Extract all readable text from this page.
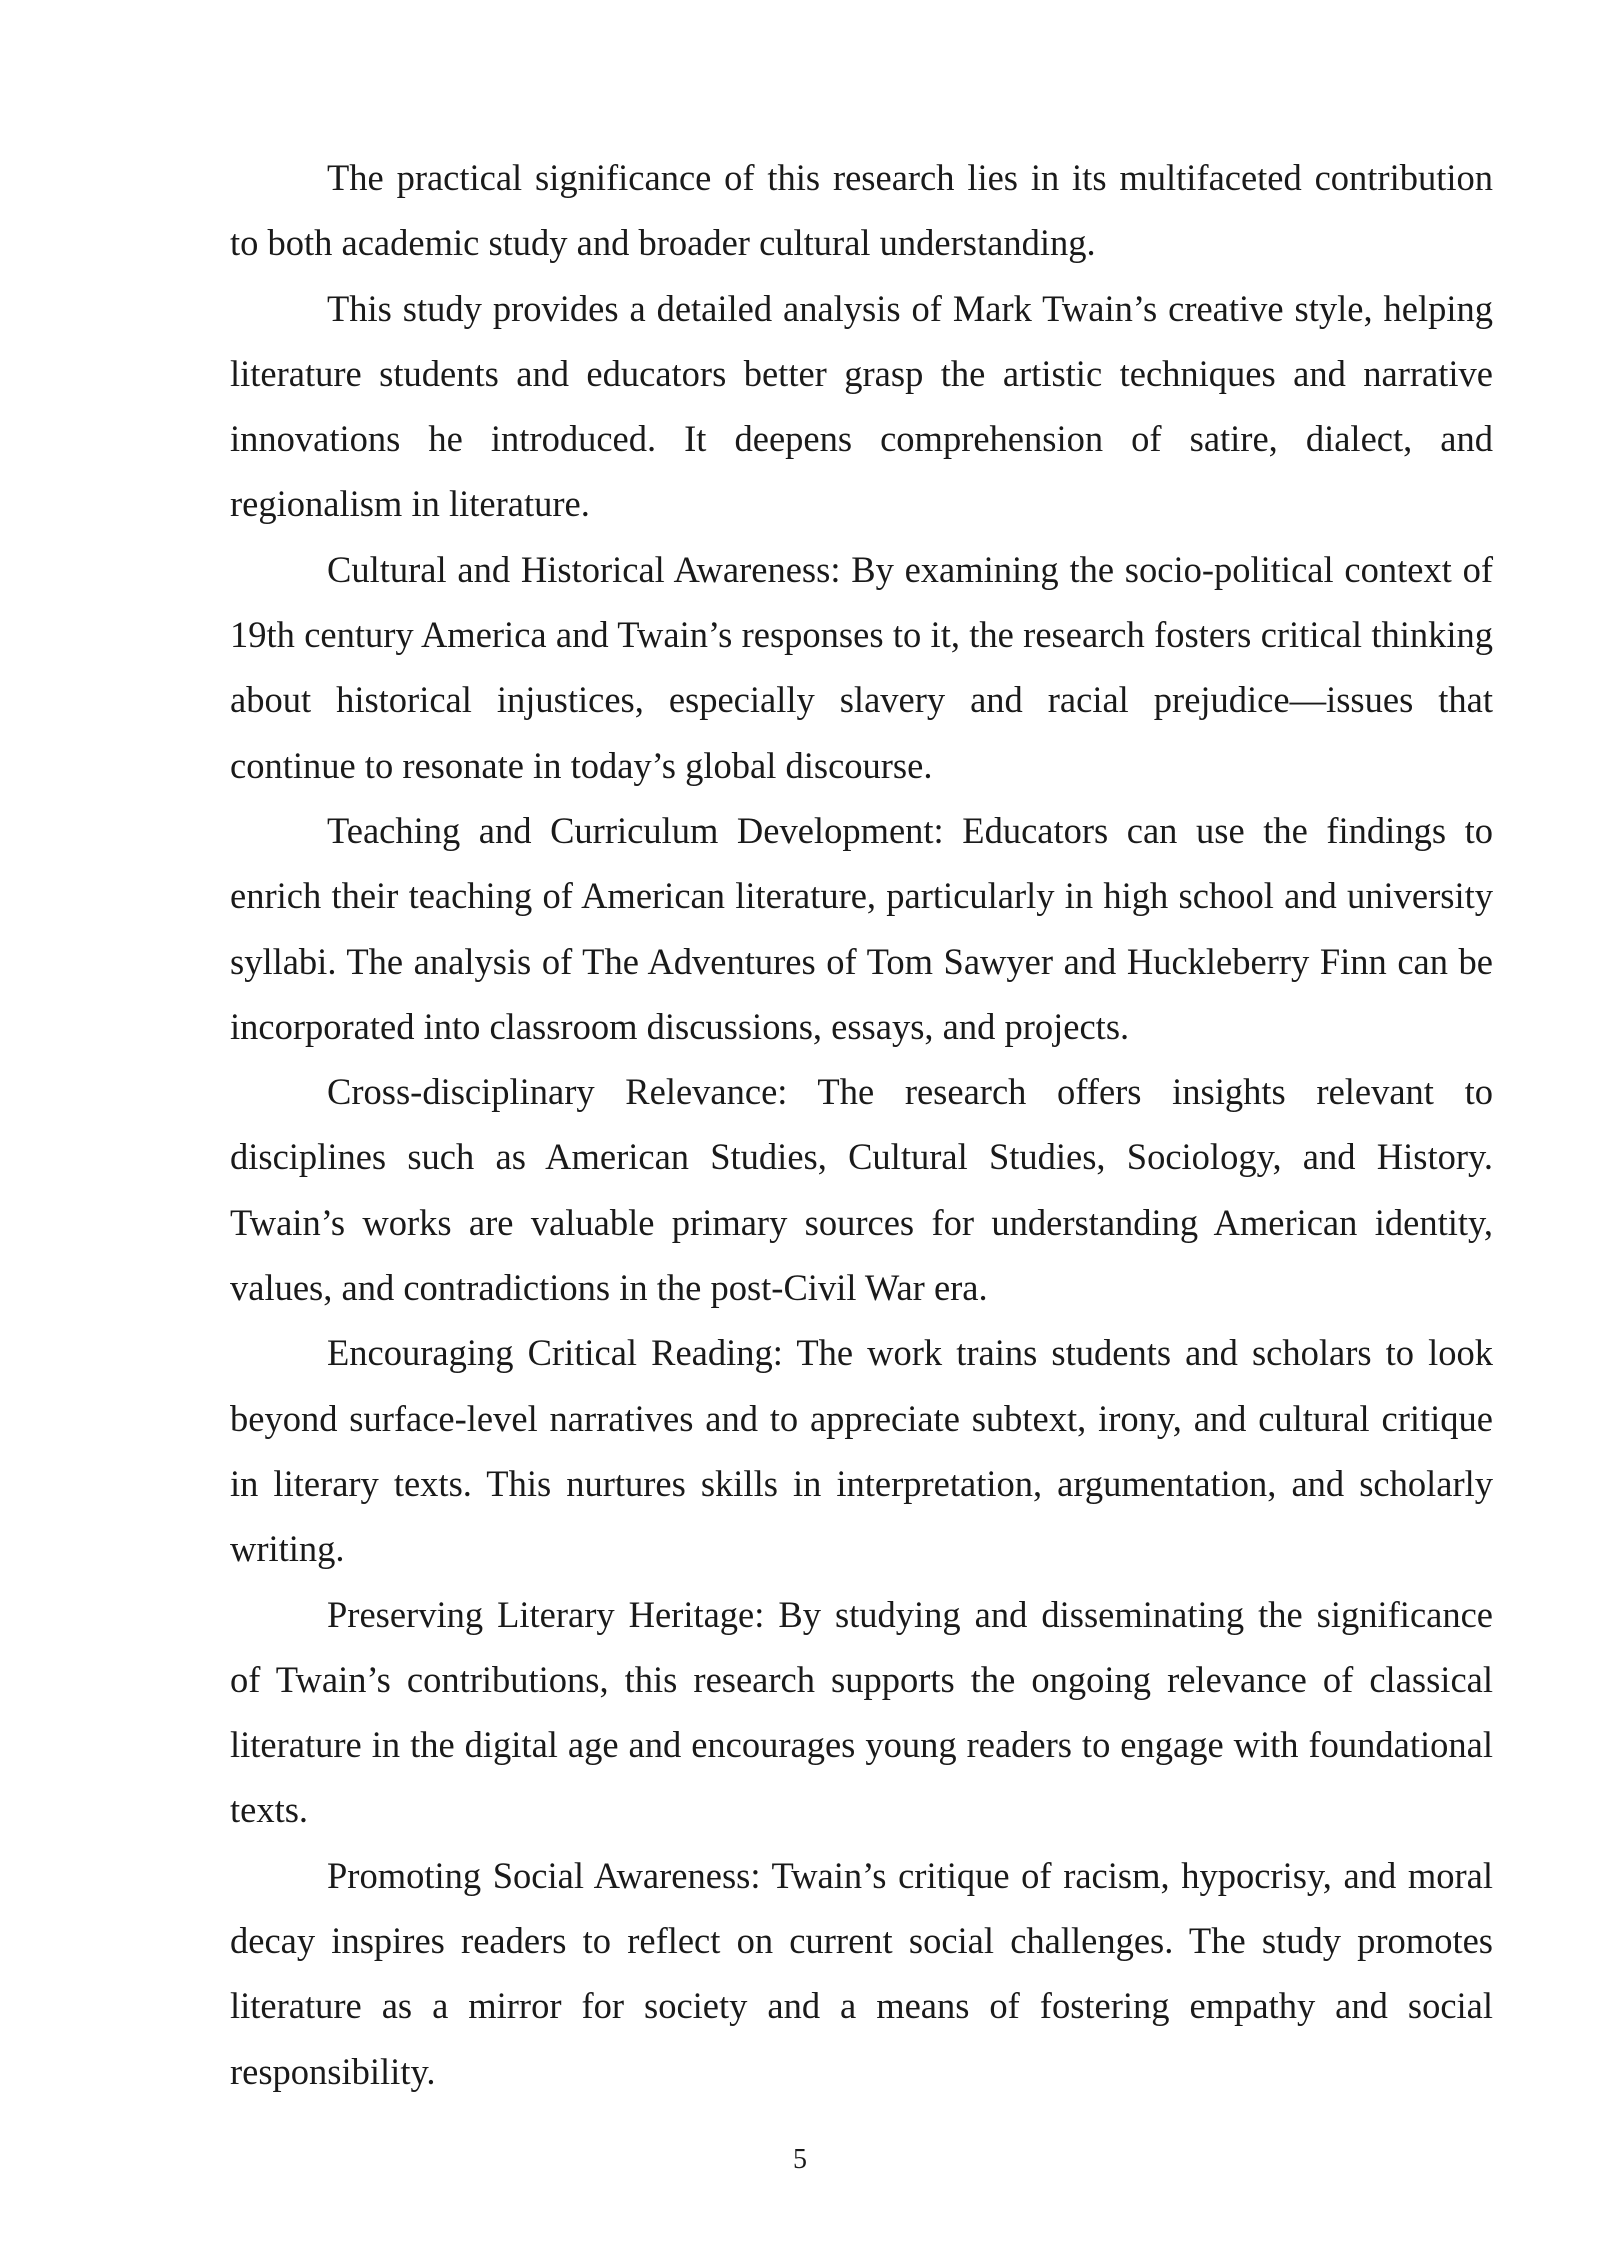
The practical significance of this research lies in its multifaceted contribution to both academic study and broader cultural understanding.

This study provides a detailed analysis of Mark Twain’s creative style, helping literature students and educators better grasp the artistic techniques and narrative innovations he introduced. It deepens comprehension of satire, dialect, and regionalism in literature.

Cultural and Historical Awareness: By examining the socio-political context of 19th century America and Twain’s responses to it, the research fosters critical thinking about historical injustices, especially slavery and racial prejudice—issues that continue to resonate in today’s global discourse.

Teaching and Curriculum Development: Educators can use the findings to enrich their teaching of American literature, particularly in high school and university syllabi. The analysis of The Adventures of Tom Sawyer and Huckleberry Finn can be incorporated into classroom discussions, essays, and projects.

Cross-disciplinary Relevance: The research offers insights relevant to disciplines such as American Studies, Cultural Studies, Sociology, and History. Twain’s works are valuable primary sources for understanding American identity, values, and contradictions in the post-Civil War era.

Encouraging Critical Reading: The work trains students and scholars to look beyond surface-level narratives and to appreciate subtext, irony, and cultural critique in literary texts. This nurtures skills in interpretation, argumentation, and scholarly writing.

Preserving Literary Heritage: By studying and disseminating the significance of Twain’s contributions, this research supports the ongoing relevance of classical literature in the digital age and encourages young readers to engage with foundational texts.

Promoting Social Awareness: Twain’s critique of racism, hypocrisy, and moral decay inspires readers to reflect on current social challenges. The study promotes literature as a mirror for society and a means of fostering empathy and social responsibility.

5
